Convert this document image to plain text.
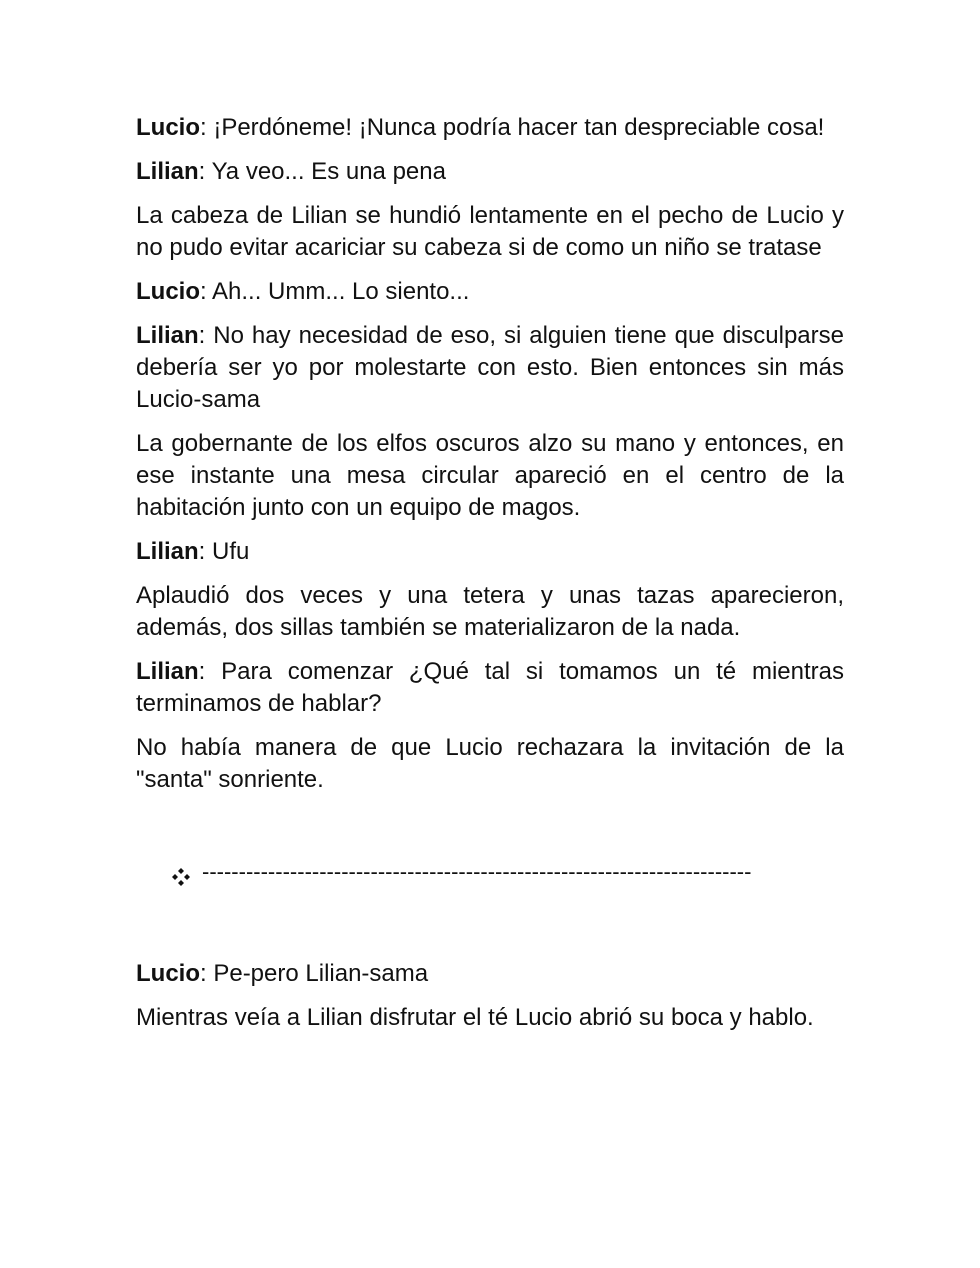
Lucio: ¡Perdóneme! ¡Nunca podría hacer tan despreciable cosa!

Lilian: Ya veo... Es una pena

La cabeza de Lilian se hundió lentamente en el pecho de Lucio y no pudo evitar acariciar su cabeza si de como un niño se tratase

Lucio: Ah... Umm... Lo siento...

Lilian: No hay necesidad de eso, si alguien tiene que disculparse debería ser yo por molestarte con esto. Bien entonces sin más Lucio-sama

La gobernante de los elfos oscuros alzo su mano y entonces, en ese instante una mesa circular apareció en el centro de la habitación junto con un equipo de magos.

Lilian: Ufu

Aplaudió dos veces y una tetera y unas tazas aparecieron, además, dos sillas también se materializaron de la nada.

Lilian: Para comenzar ¿Qué tal si tomamos un té mientras terminamos de hablar?

No había manera de que Lucio rechazara la invitación de la "santa" sonriente.

---------------------------------------------------------------------------

Lucio: Pe-pero Lilian-sama

Mientras veía a Lilian disfrutar el té Lucio abrió su boca y hablo.
